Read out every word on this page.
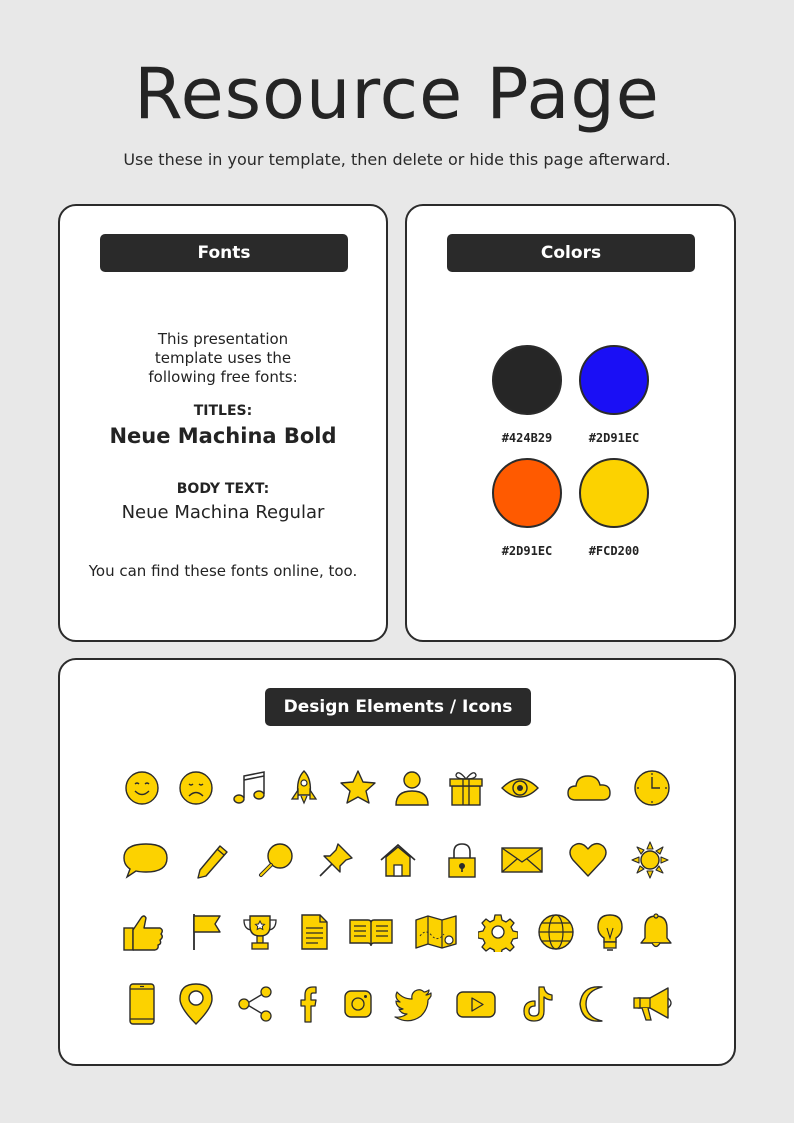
Resource Page
Use these in your template, then delete or hide this page afterward.
Fonts
This presentation template uses the following free fonts:
TITLES:
Neue Machina Bold
BODY TEXT:
Neue Machina Regular
You can find these fonts online, too.
Colors
#424B29	#2D91EC
#2D91EC	#FCD200
Design Elements / Icons
